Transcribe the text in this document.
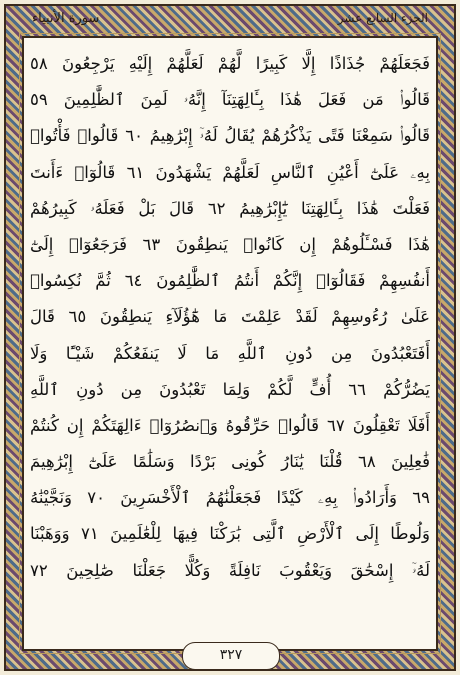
سورة الأنبياء	الجزء السابع عشر
فَجَعَلَهُمْ جُذَاذًا إِلَّا كَبِيرًا لَّهُمْ لَعَلَّهُمْ إِلَيْهِ يَرْجِعُونَ ٥٨
قَالُوا۟ مَن فَعَلَ هَٰذَا بِـَٔالِهَتِنَآ إِنَّهُۥ لَمِنَ ٱلظَّٰلِمِينَ ٥٩
قَالُوا۟ سَمِعْنَا فَتًى يَذْكُرُهُمْ يُقَالُ لَهُۥٓ إِبْرَٰهِيمُ ٦٠ قَالُوا۟ فَأْتُوا۟
بِهِۦ عَلَىٰٓ أَعْيُنِ ٱلنَّاسِ لَعَلَّهُمْ يَشْهَدُونَ ٦١ قَالُوٓا۟ ءَأَنتَ
فَعَلْتَ هَٰذَا بِـَٔالِهَتِنَا يَٰٓإِبْرَٰهِيمُ ٦٢ قَالَ بَلْ فَعَلَهُۥ كَبِيرُهُمْ
هَٰذَا فَسْـَٔلُوهُمْ إِن كَانُوا۟ يَنطِقُونَ ٦٣ فَرَجَعُوٓا۟ إِلَىٰٓ
أَنفُسِهِمْ فَقَالُوٓا۟ إِنَّكُمْ أَنتُمُ ٱلظَّٰلِمُونَ ٦٤ ثُمَّ نُكِسُوا۟
عَلَىٰ رُءُوسِهِمْ لَقَدْ عَلِمْتَ مَا هَٰٓؤُلَآءِ يَنطِقُونَ ٦٥ قَالَ
أَفَتَعْبُدُونَ مِن دُونِ ٱللَّهِ مَا لَا يَنفَعُكُمْ شَيْـًٔا وَلَا
يَضُرُّكُمْ ٦٦ أُفٍّ لَّكُمْ وَلِمَا تَعْبُدُونَ مِن دُونِ ٱللَّهِ
أَفَلَا تَعْقِلُونَ ٦٧ قَالُوا۟ حَرِّقُوهُ وَٱنصُرُوٓا۟ ءَالِهَتَكُمْ إِن كُنتُمْ
فَٰعِلِينَ ٦٨ قُلْنَا يَٰنَارُ كُونِى بَرْدًا وَسَلَٰمًا عَلَىٰٓ إِبْرَٰهِيمَ
٦٩ وَأَرَادُوا۟ بِهِۦ كَيْدًا فَجَعَلْنَٰهُمُ ٱلْأَخْسَرِينَ ٧٠ وَنَجَّيْنَٰهُ
وَلُوطًا إِلَى ٱلْأَرْضِ ٱلَّتِى بَٰرَكْنَا فِيهَا لِلْعَٰلَمِينَ ٧١ وَوَهَبْنَا
لَهُۥٓ إِسْحَٰقَ وَيَعْقُوبَ نَافِلَةً وَكُلًّا جَعَلْنَا صَٰلِحِينَ ٧٢
٣٢٧
